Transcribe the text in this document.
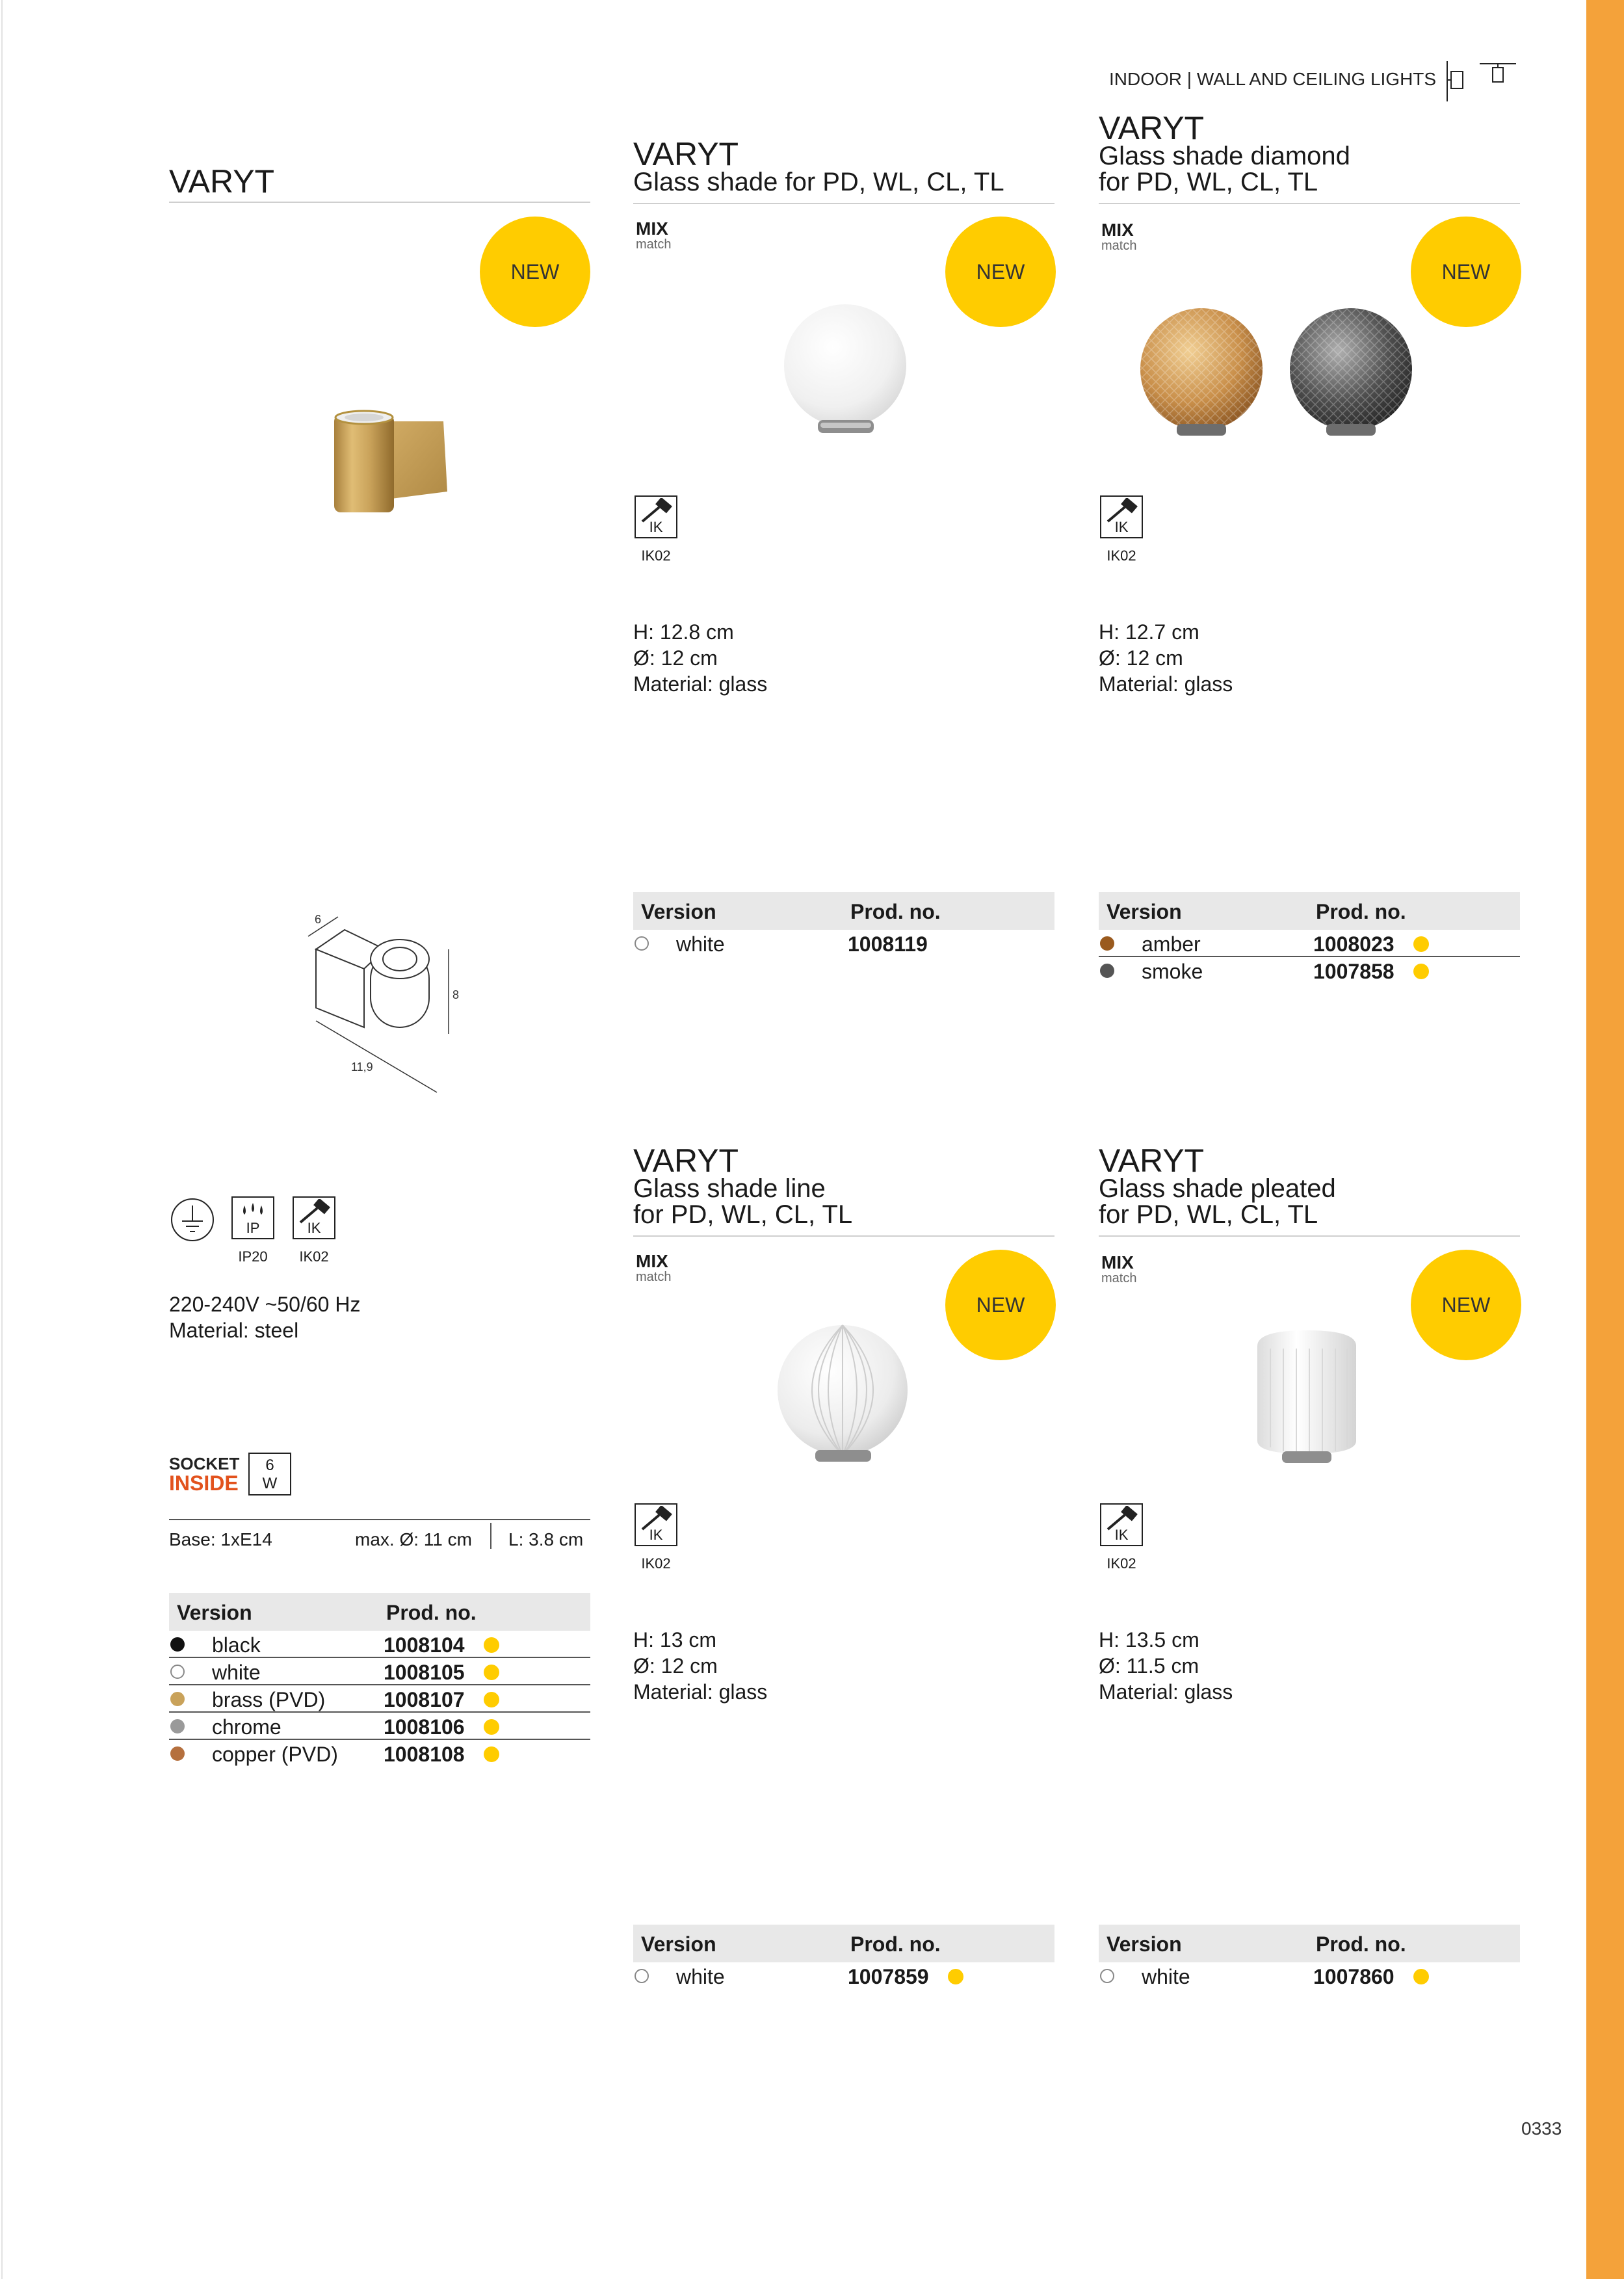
INDOOR | WALL AND CEILING LIGHTS
VARYT
NEW
6
8
11,9
IP
IP20
IK
IK02
220-240V ~50/60 Hz
Material: steel
SOCKET
INSIDE
6
W
Base: 1xE14	max. Ø: 11 cm L: 3.8 cm
Version	Prod. no.
black	1008104
white	1008105
brass (PVD)	1008107
chrome	1008106
copper (PVD) 1008108
VARYT
Glass shade for PD, WL, CL, TL
MIX
match
NEW
IK
IK02
H: 12.8 cm
Ø: 12 cm
Material: glass
Version	Prod. no.
white	1008119
VARYT
Glass shade diamond
for PD, WL, CL, TL
MIX
match
NEW
IK
IK02
H: 12.7 cm
Ø: 12 cm
Material: glass
Version	Prod. no.
amber	1008023
smoke	1007858
VARYT
Glass shade line
for PD, WL, CL, TL
MIX
match
NEW
IK
IK02
H: 13 cm
Ø: 12 cm
Material: glass
Version	Prod. no.
white	1007859
VARYT
Glass shade pleated
for PD, WL, CL, TL
MIX
match
NEW
IK
IK02
H: 13.5 cm
Ø: 11.5 cm
Material: glass
Version	Prod. no.
white	1007860
0333
